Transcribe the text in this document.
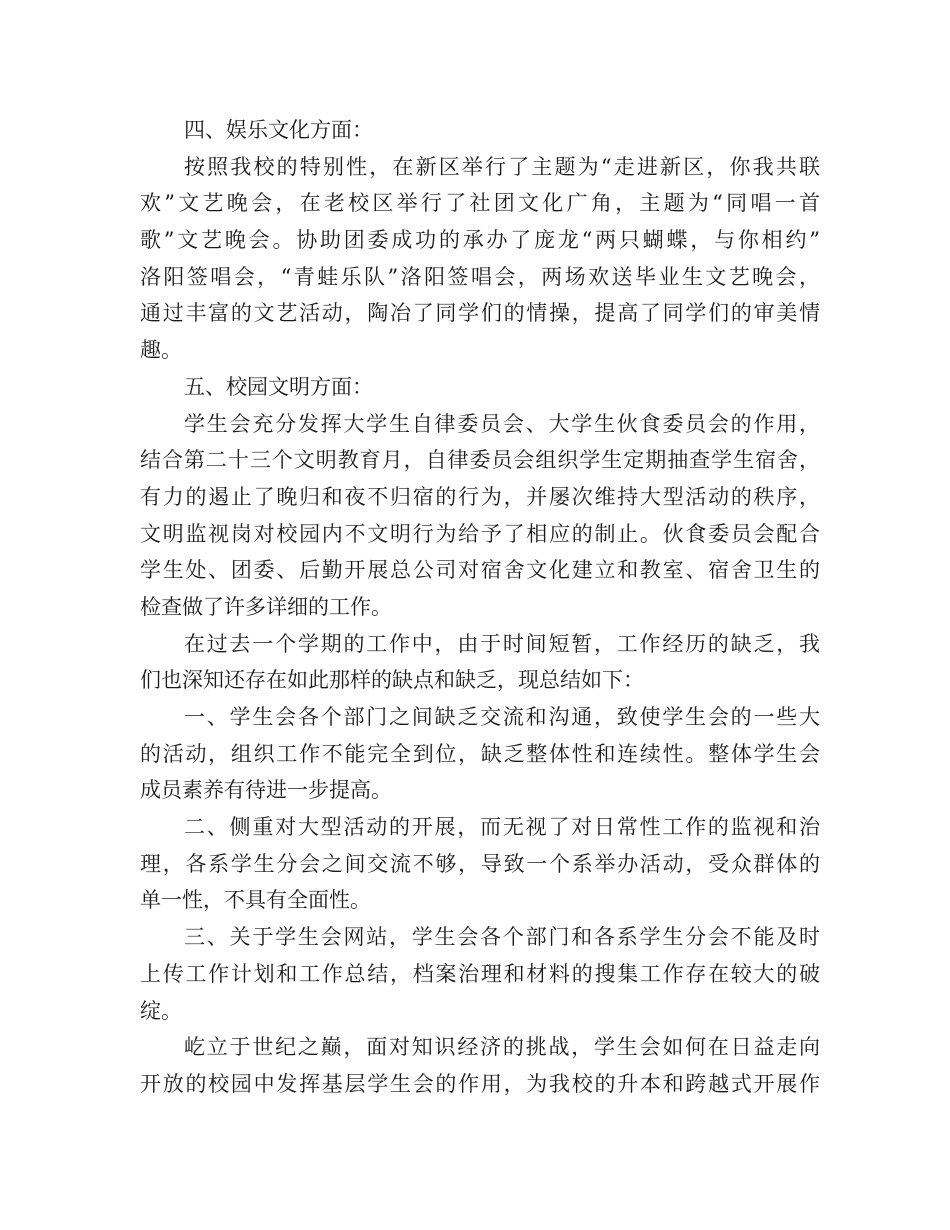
四、娱乐文化方面：
按照我校的特别性，在新区举行了主题为“走进新区，你我共联
欢”文艺晚会，在老校区举行了社团文化广角，主题为“同唱一首
歌”文艺晚会。协助团委成功的承办了庞龙“两只蝴蝶，与你相约”
洛阳签唱会，“青蛙乐队”洛阳签唱会，两场欢送毕业生文艺晚会，
通过丰富的文艺活动，陶冶了同学们的情操，提高了同学们的审美情
趣。
五、校园文明方面：
学生会充分发挥大学生自律委员会、大学生伙食委员会的作用，
结合第二十三个文明教育月，自律委员会组织学生定期抽查学生宿舍，
有力的遏止了晚归和夜不归宿的行为，并屡次维持大型活动的秩序，
文明监视岗对校园内不文明行为给予了相应的制止。伙食委员会配合
学生处、团委、后勤开展总公司对宿舍文化建立和教室、宿舍卫生的
检查做了许多详细的工作。
在过去一个学期的工作中，由于时间短暂，工作经历的缺乏，我
们也深知还存在如此那样的缺点和缺乏，现总结如下：
一、学生会各个部门之间缺乏交流和沟通，致使学生会的一些大
的活动，组织工作不能完全到位，缺乏整体性和连续性。整体学生会
成员素养有待进一步提高。
二、侧重对大型活动的开展，而无视了对日常性工作的监视和治
理，各系学生分会之间交流不够，导致一个系举办活动，受众群体的
单一性，不具有全面性。
三、关于学生会网站，学生会各个部门和各系学生分会不能及时
上传工作计划和工作总结，档案治理和材料的搜集工作存在较大的破
绽。
屹立于世纪之巅，面对知识经济的挑战，学生会如何在日益走向
开放的校园中发挥基层学生会的作用，为我校的升本和跨越式开展作
